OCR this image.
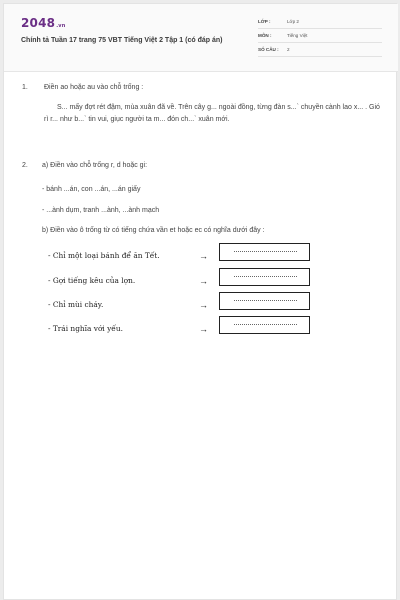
2048.vn
Chính tả Tuần 17 trang 75 VBT Tiếng Việt 2 Tập 1 (có đáp án)
LỚP :	Lớp 2
MÔN :	Tiếng Việt
SỐ CÂU : 2
1. Điền ao hoặc au vào chỗ trống :
S... mấy đợt rét đậm, mùa xuân đã về. Trên cây g... ngoài đồng, từng đàn s...` chuyền cành lao x... . Gió rì r... như b...` tin vui, giục người ta m... đón ch...` xuân mới.
2. a) Điền vào chỗ trống r, d hoặc gi:
- bánh ...án, con ...án, ...án giấy
- ...ành dụm, tranh ...ành, ...ành mạch
b) Điền vào ô trống từ có tiếng chứa vần et hoặc ec có nghĩa dưới đây :
- Chỉ một loại bánh để ăn Tết.	→
- Gợi tiếng kêu của lợn.	→
- Chỉ mùi cháy.	→
- Trái nghĩa với yếu.	→
